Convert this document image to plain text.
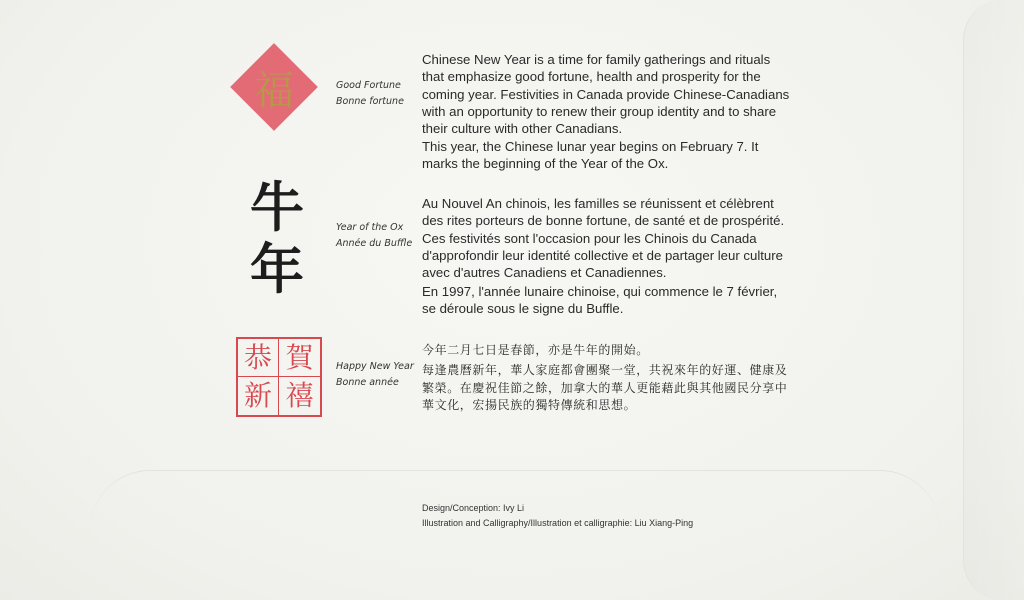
福	Good Fortune
Bonne fortune
牛
年
Year of the Ox
Année du Buffle
恭 賀
新 禧
Happy New Year
Bonne année

Chinese New Year is a time for family gatherings and rituals that emphasize good fortune, health and prosperity for the coming year. Festivities in Canada provide Chinese-Canadians with an opportunity to renew their group identity and to share their culture with other Canadians.

This year, the Chinese lunar year begins on February 7. It marks the beginning of the Year of the Ox.

Au Nouvel An chinois, les familles se réunissent et célèbrent des rites porteurs de bonne fortune, de santé et de prospérité. Ces festivités sont l'occasion pour les Chinois du Canada d'approfondir leur identité collective et de partager leur culture avec d'autres Canadiens et Canadiennes.

En 1997, l'année lunaire chinoise, qui commence le 7 février, se déroule sous le signe du Buffle.

今年二月七日是春節，亦是牛年的開始。

每逢農曆新年，華人家庭都會團聚一堂，共祝來年的好運、健康及繁榮。在慶祝佳節之餘，加拿大的華人更能藉此與其他國民分享中華文化，宏揚民族的獨特傳統和思想。

Design/Conception: Ivy Li
Illustration and Calligraphy/Illustration et calligraphie: Liu Xiang-Ping
